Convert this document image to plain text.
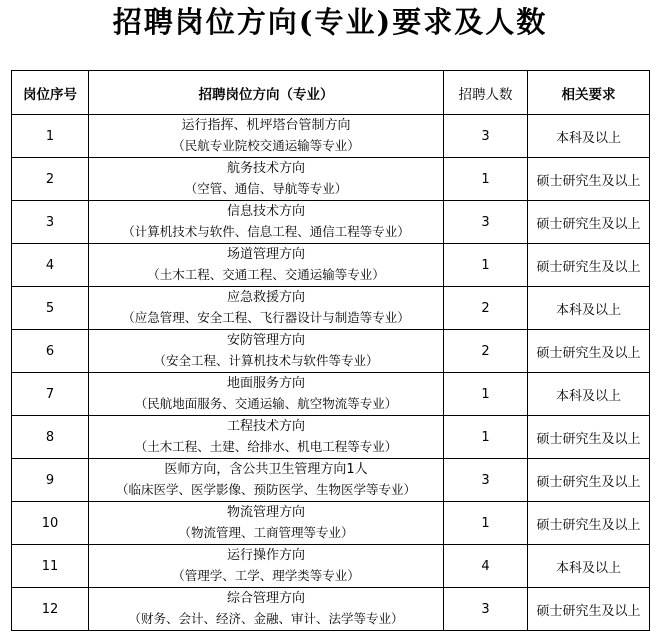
招聘岗位方向(专业)要求及人数
岗位序号	招聘岗位方向（专业）	招聘人数	相关要求
1	运行指挥、机坪塔台管制方向
（民航专业院校交通运输等专业）	3	本科及以上
2	航务技术方向
（空管、通信、导航等专业）	1	硕士研究生及以上
3	信息技术方向
（计算机技术与软件、信息工程、通信工程等专业）	3	硕士研究生及以上
4	场道管理方向
（土木工程、交通工程、交通运输等专业）	1	硕士研究生及以上
5	应急救援方向
（应急管理、安全工程、飞行器设计与制造等专业）	2	本科及以上
6	安防管理方向
（安全工程、计算机技术与软件等专业）	2	硕士研究生及以上
7	地面服务方向
（民航地面服务、交通运输、航空物流等专业）	1	本科及以上
8	工程技术方向
（土木工程、土建、给排水、机电工程等专业）	1	硕士研究生及以上
9	医师方向，含公共卫生管理方向1人
（临床医学、医学影像、预防医学、生物医学等专业）	3	硕士研究生及以上
10	物流管理方向
（物流管理、工商管理等专业）	1	硕士研究生及以上
11	运行操作方向
（管理学、工学、理学类等专业）	4	本科及以上
12	综合管理方向
（财务、会计、经济、金融、审计、法学等专业）	3	硕士研究生及以上
